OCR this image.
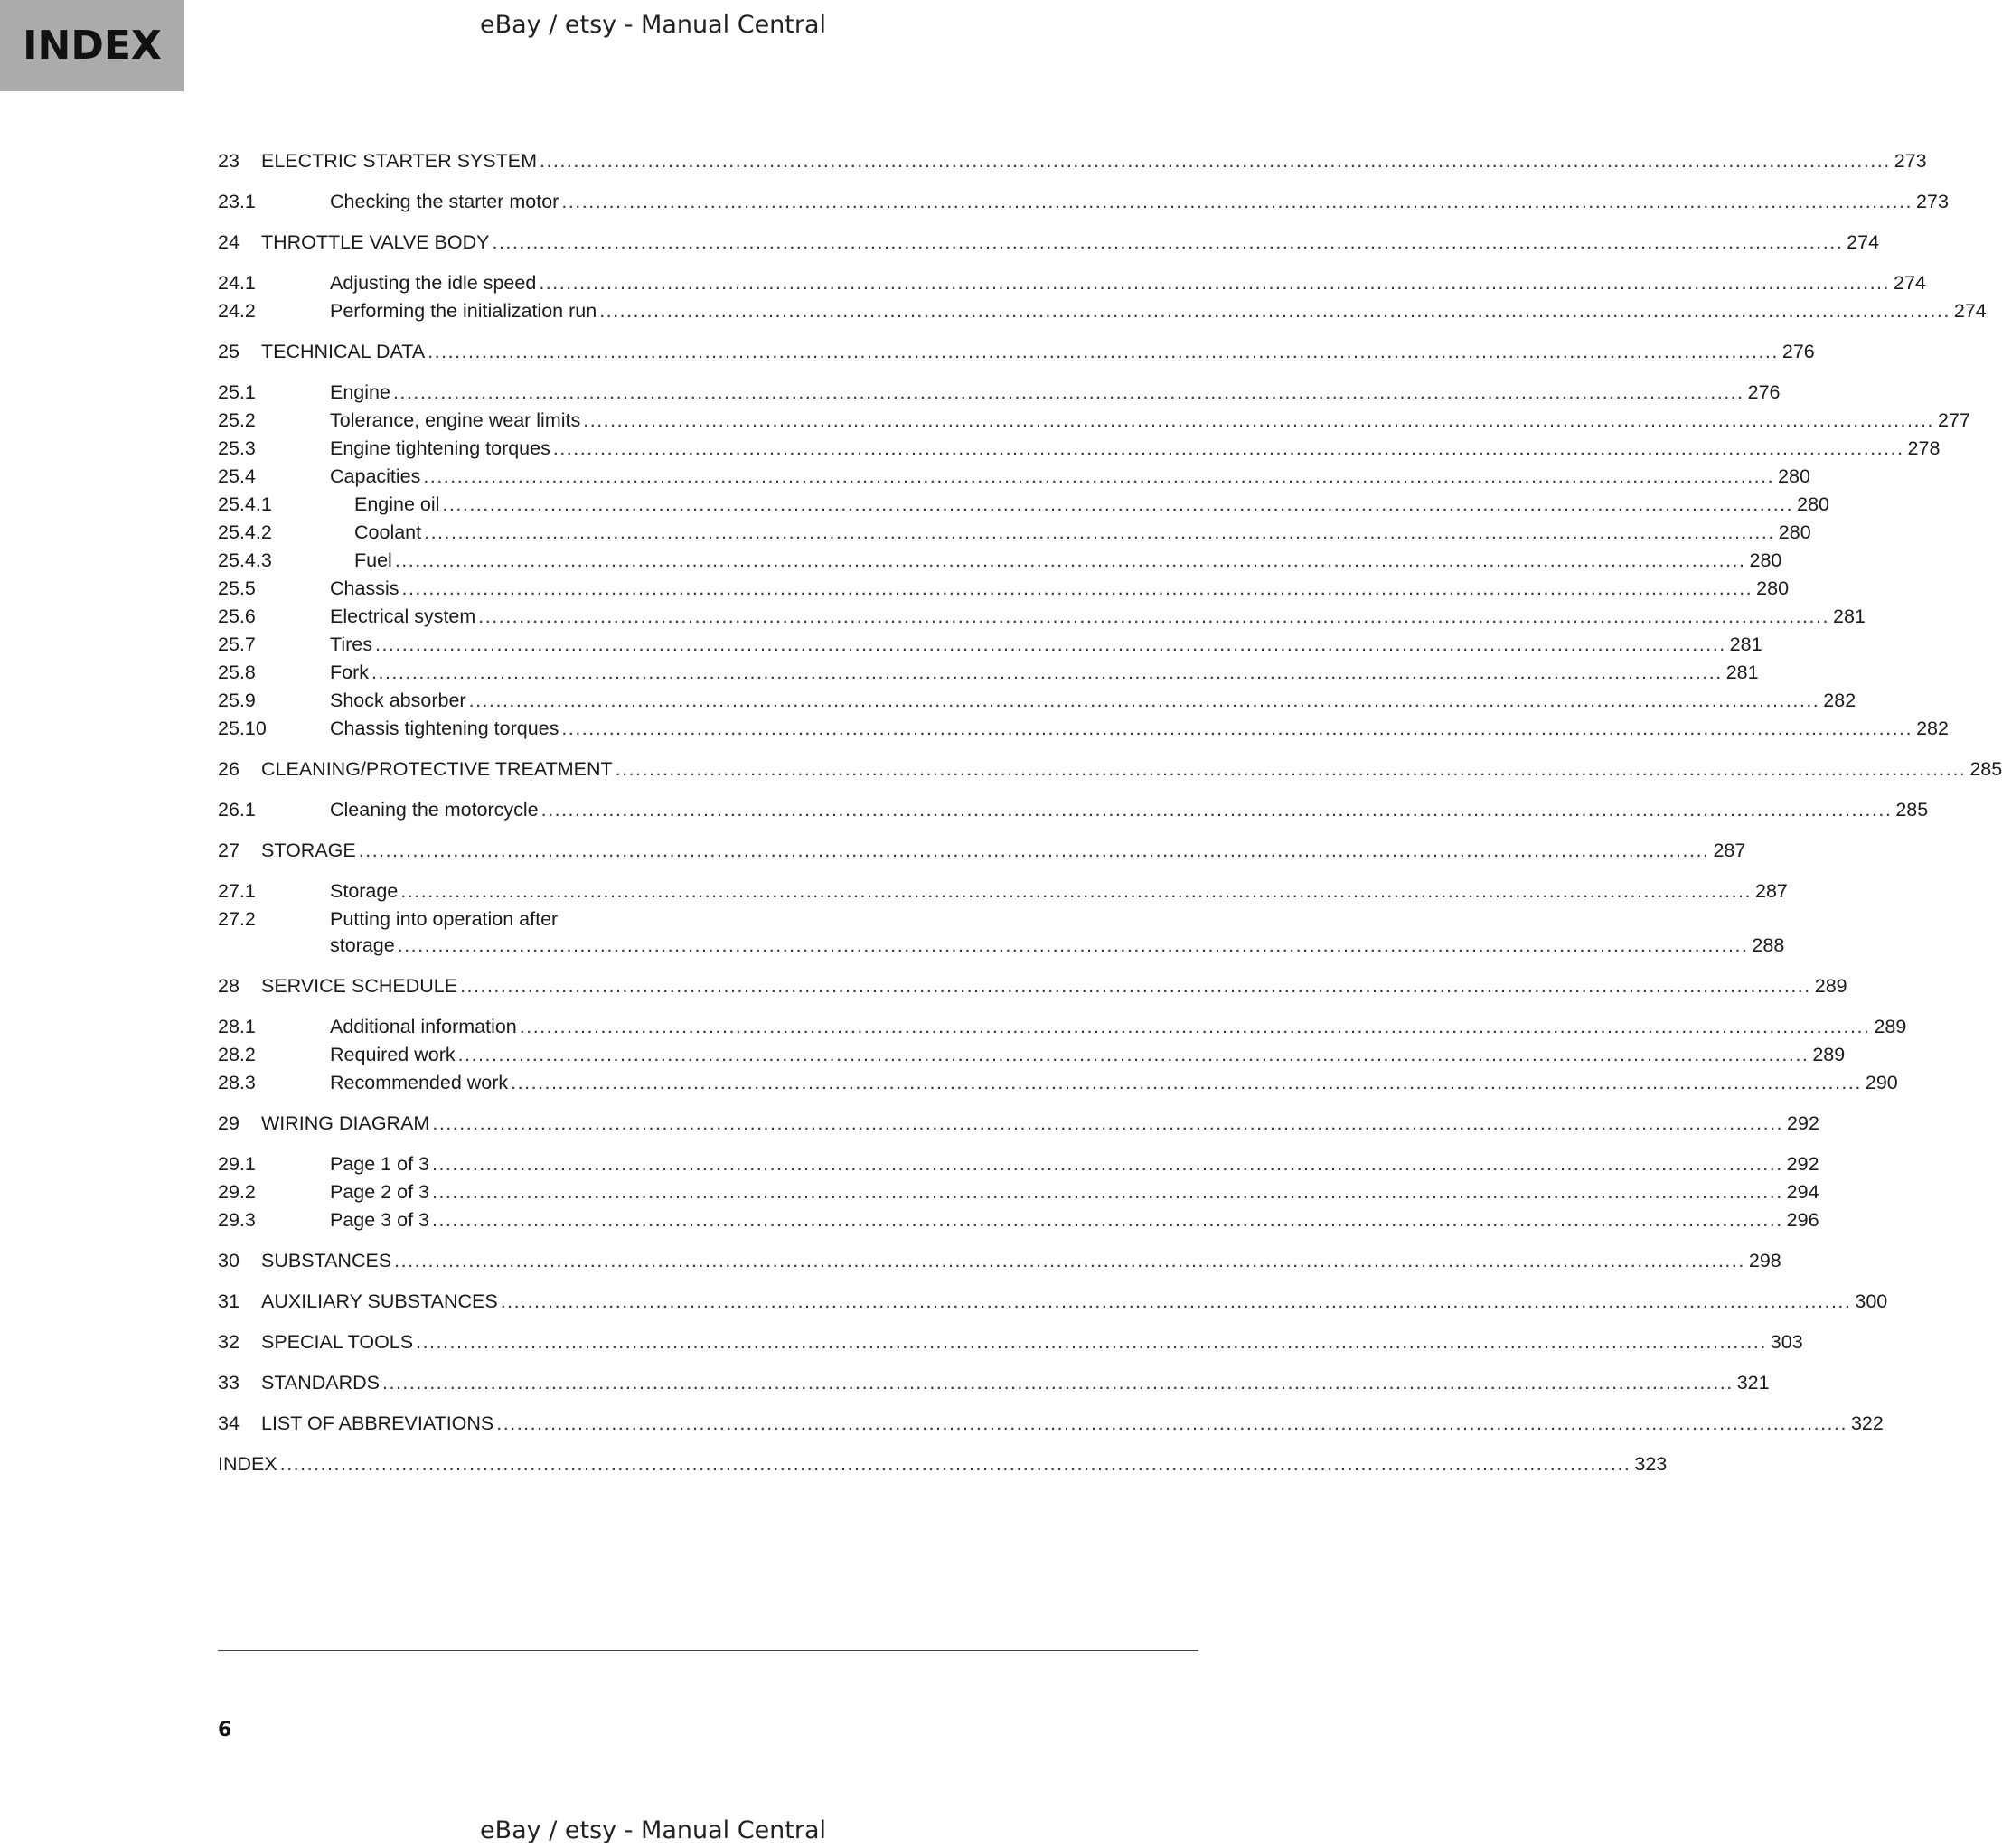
INDEX	eBay / etsy - Manual Central
23 ELECTRIC STARTER SYSTEM ........................................................................................................................................................................................................ 273
23.1	Checking the starter motor ........................................................................................................................................................................................................ 273
24 THROTTLE VALVE BODY ........................................................................................................................................................................................................ 274
24.1	Adjusting the idle speed ........................................................................................................................................................................................................ 274
24.2	Performing the initialization run ........................................................................................................................................................................................................ 274
25 TECHNICAL DATA ........................................................................................................................................................................................................ 276
25.1	Engine ........................................................................................................................................................................................................ 276
25.2	Tolerance, engine wear limits ........................................................................................................................................................................................................ 277
25.3	Engine tightening torques ........................................................................................................................................................................................................ 278
25.4	Capacities ........................................................................................................................................................................................................ 280
25.4.1	Engine oil ........................................................................................................................................................................................................ 280
25.4.2	Coolant ........................................................................................................................................................................................................ 280
25.4.3	Fuel ........................................................................................................................................................................................................ 280
25.5	Chassis ........................................................................................................................................................................................................ 280
25.6	Electrical system ........................................................................................................................................................................................................ 281
25.7	Tires ........................................................................................................................................................................................................ 281
25.8	Fork ........................................................................................................................................................................................................ 281
25.9	Shock absorber ........................................................................................................................................................................................................ 282
25.10	Chassis tightening torques ........................................................................................................................................................................................................ 282
26 CLEANING/PROTECTIVE TREATMENT ........................................................................................................................................................................................................ 285
26.1	Cleaning the motorcycle ........................................................................................................................................................................................................ 285
27 STORAGE ........................................................................................................................................................................................................ 287
27.1	Storage ........................................................................................................................................................................................................ 287
27.2	Putting into operation after
storage ........................................................................................................................................................................................................ 288
28 SERVICE SCHEDULE ........................................................................................................................................................................................................ 289
28.1	Additional information ........................................................................................................................................................................................................ 289
28.2	Required work ........................................................................................................................................................................................................ 289
28.3	Recommended work ........................................................................................................................................................................................................ 290
29 WIRING DIAGRAM ........................................................................................................................................................................................................ 292
29.1	Page 1 of 3 ........................................................................................................................................................................................................ 292
29.2	Page 2 of 3 ........................................................................................................................................................................................................ 294
29.3	Page 3 of 3 ........................................................................................................................................................................................................ 296
30 SUBSTANCES ........................................................................................................................................................................................................ 298
31 AUXILIARY SUBSTANCES ........................................................................................................................................................................................................ 300
32 SPECIAL TOOLS ........................................................................................................................................................................................................ 303
33 STANDARDS ........................................................................................................................................................................................................ 321
34 LIST OF ABBREVIATIONS ........................................................................................................................................................................................................ 322
INDEX ........................................................................................................................................................................................................ 323
6
eBay / etsy - Manual Central
